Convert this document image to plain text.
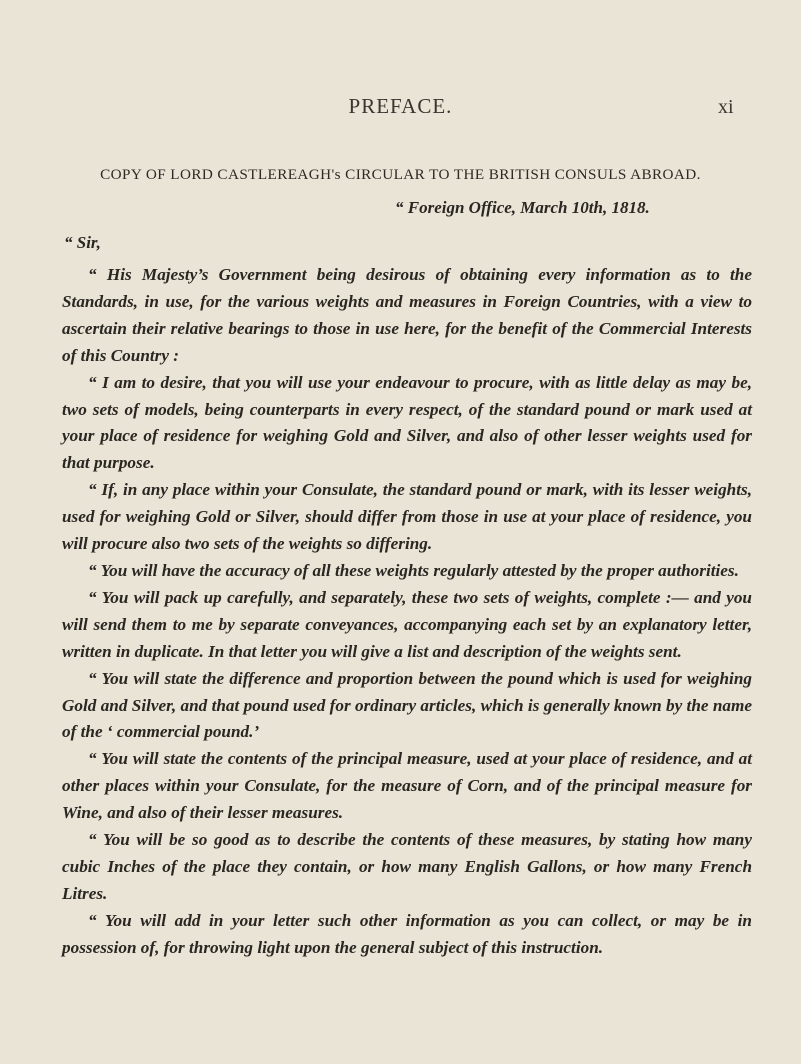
PREFACE.	xi
COPY OF LORD CASTLEREAGH's CIRCULAR TO THE BRITISH CONSULS ABROAD.
“ Foreign Office, March 10th, 1818.
“ Sir,

“ His Majesty’s Government being desirous of obtaining every information as to the Standards, in use, for the various weights and measures in Foreign Countries, with a view to ascertain their relative bearings to those in use here, for the benefit of the Commercial Interests of this Country :

“ I am to desire, that you will use your endeavour to procure, with as little delay as may be, two sets of models, being counterparts in every respect, of the standard pound or mark used at your place of residence for weighing Gold and Silver, and also of other lesser weights used for that purpose.

“ If, in any place within your Consulate, the standard pound or mark, with its lesser weights, used for weighing Gold or Silver, should differ from those in use at your place of residence, you will procure also two sets of the weights so differing.

“ You will have the accuracy of all these weights regularly attested by the proper authorities.

“ You will pack up carefully, and separately, these two sets of weights, complete :— and you will send them to me by separate conveyances, accompanying each set by an explanatory letter, written in duplicate. In that letter you will give a list and description of the weights sent.

“ You will state the difference and proportion between the pound which is used for weighing Gold and Silver, and that pound used for ordinary articles, which is generally known by the name of the ‘ commercial pound.’

“ You will state the contents of the principal measure, used at your place of residence, and at other places within your Consulate, for the measure of Corn, and of the principal measure for Wine, and also of their lesser measures.

“ You will be so good as to describe the contents of these measures, by stating how many cubic Inches of the place they contain, or how many English Gallons, or how many French Litres.

“ You will add in your letter such other information as you can collect, or may be in possession of, for throwing light upon the general subject of this instruction.
